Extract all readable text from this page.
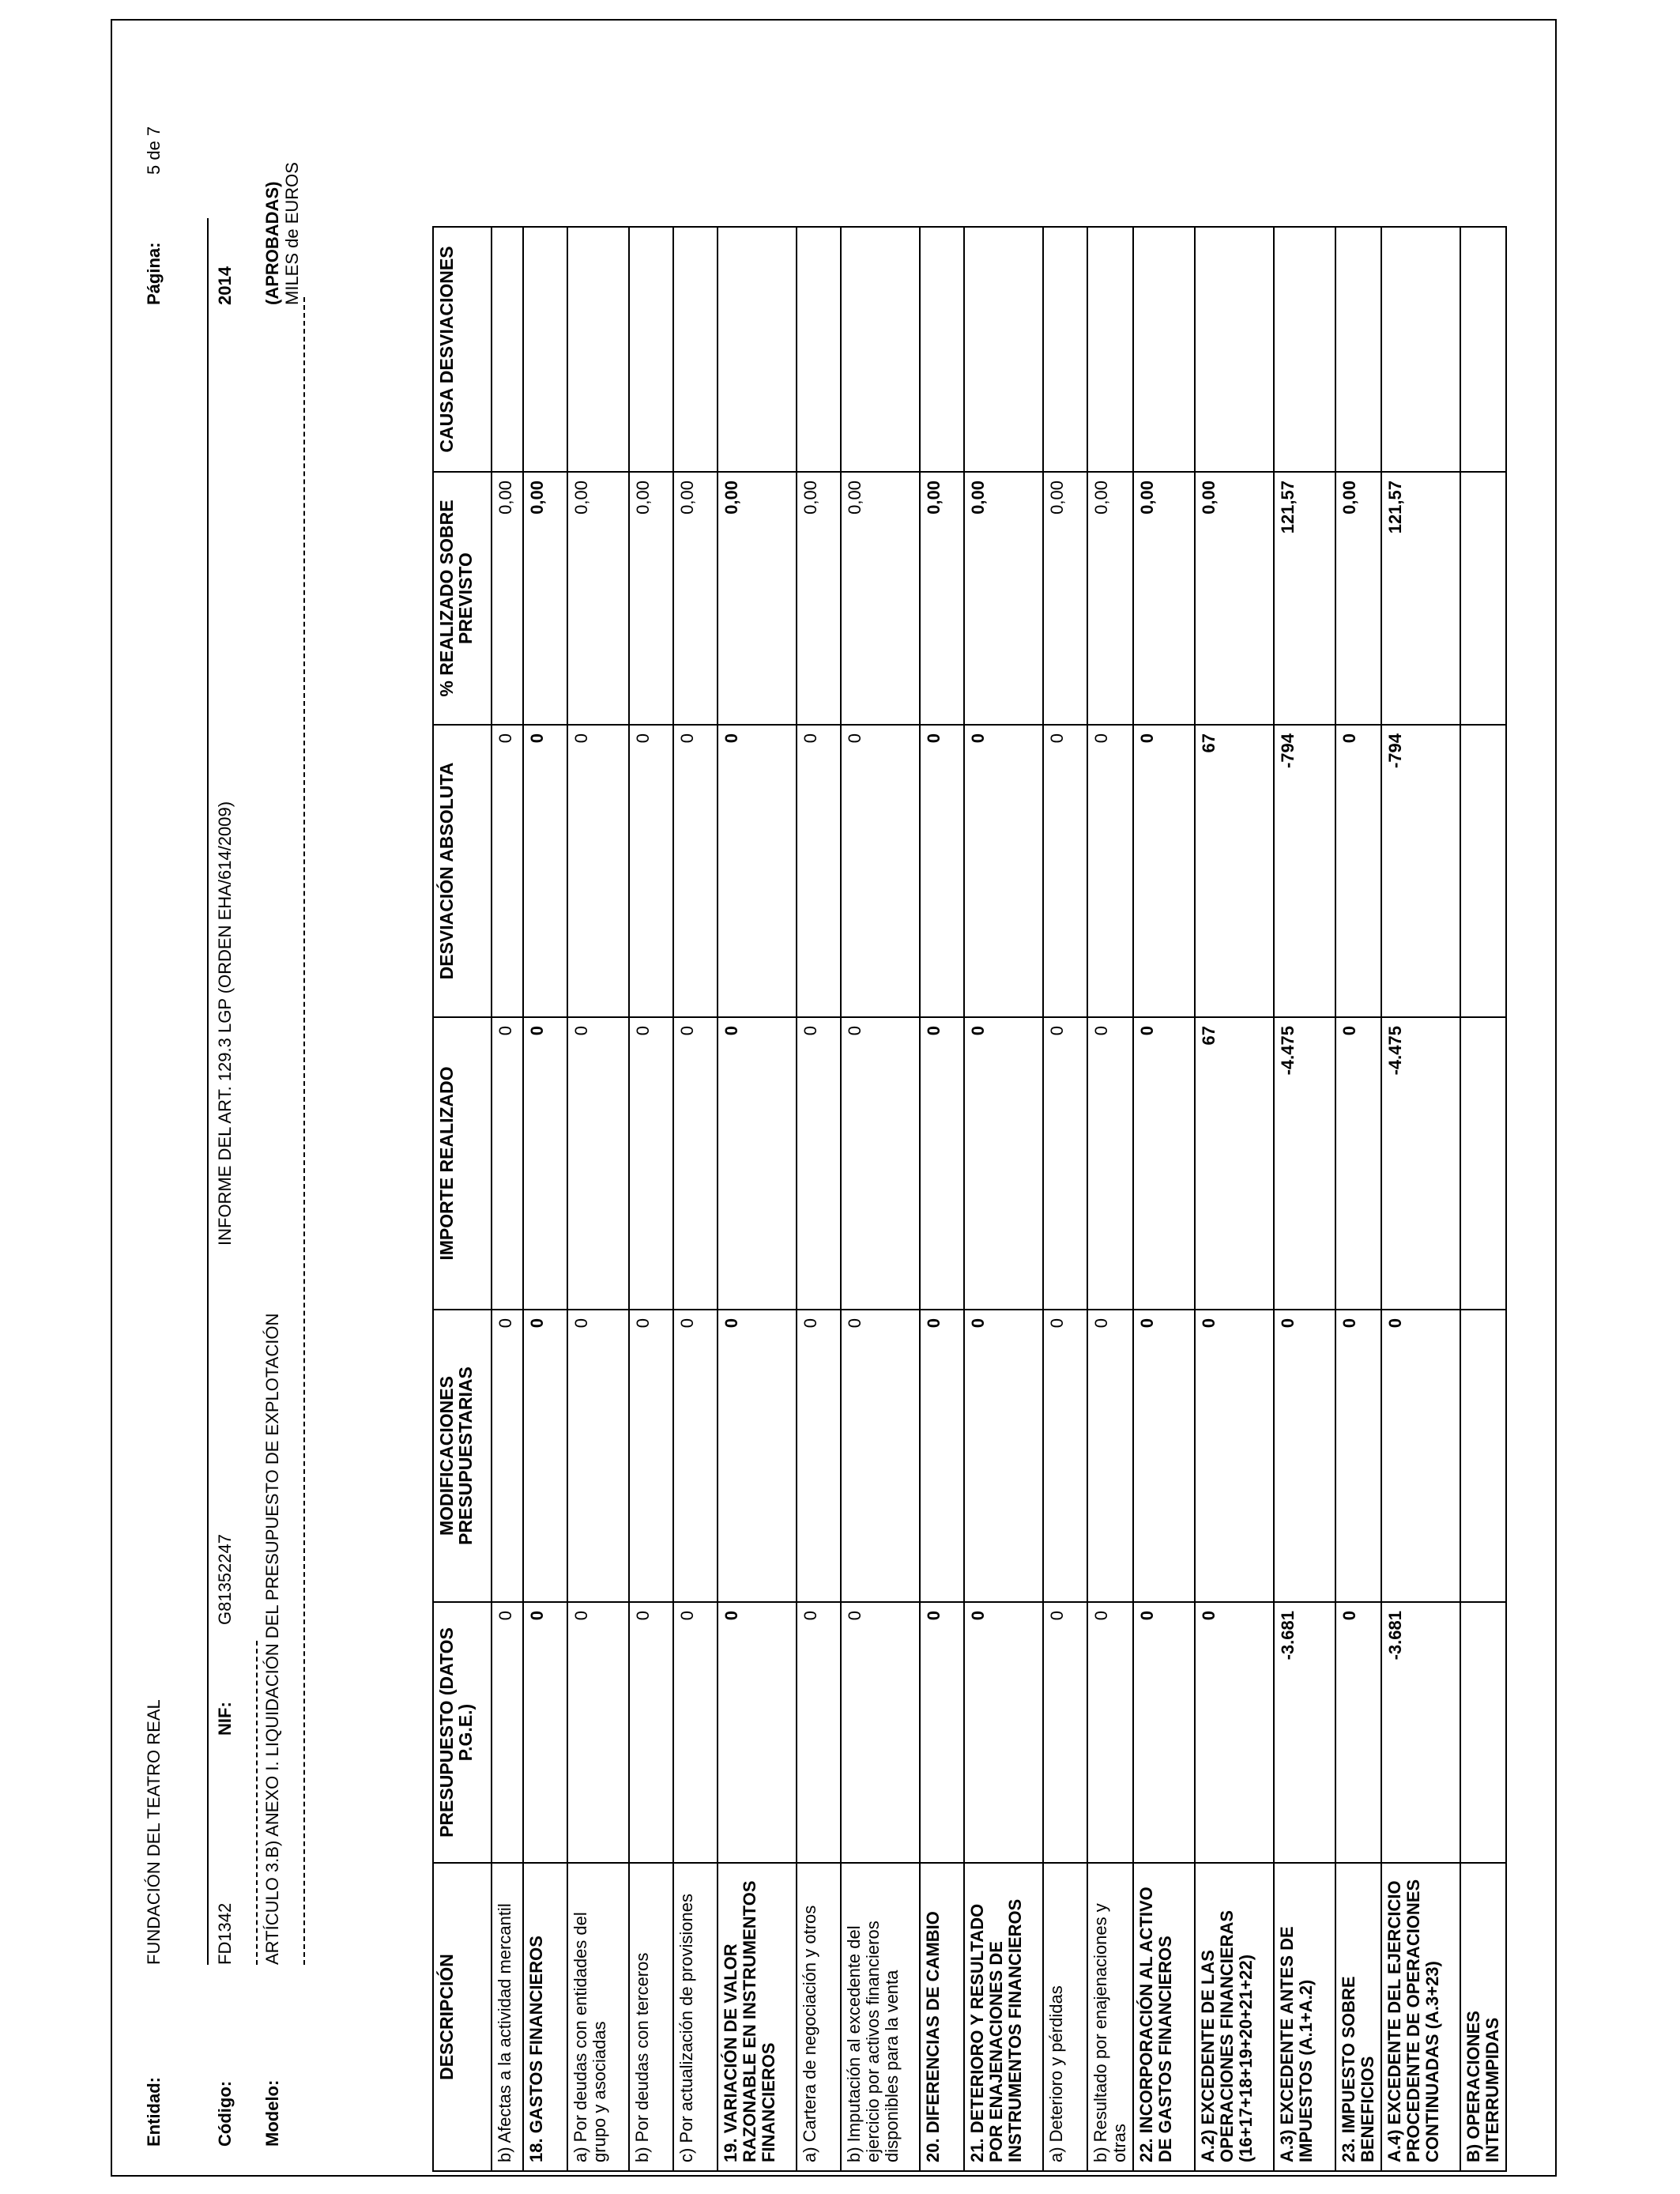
Entidad:
FUNDACIÓN DEL TEATRO REAL
Página:
5 de 7
Código:
FD1342
NIF:
G81352247
INFORME DEL ART. 129.3 LGP (ORDEN EHA/614/2009)
2014
Modelo:
ARTÍCULO 3.B) ANEXO I. LIQUIDACIÓN DEL PRESUPUESTO DE EXPLOTACIÓN
(APROBADAS) MILES de EUROS
DESCRIPCIÓN	PRESUPUESTO (DATOS P.G.E.)	MODIFICACIONES PRESUPUESTARIAS	IMPORTE REALIZADO	DESVIACIÓN ABSOLUTA	% REALIZADO SOBRE PREVISTO	CAUSA DESVIACIONES
b) Afectas a la actividad mercantil	0	0	0	0	0,00	
18. GASTOS FINANCIEROS	0	0	0	0	0,00	
a) Por deudas con entidades del grupo y asociadas	0	0	0	0	0,00	
b) Por deudas con terceros	0	0	0	0	0,00	
c) Por actualización de provisiones	0	0	0	0	0,00	
19. VARIACIÓN DE VALOR RAZONABLE EN INSTRUMENTOS FINANCIEROS	0	0	0	0	0,00	
a) Cartera de negociación y otros	0	0	0	0	0,00	
b) Imputación al excedente del ejercicio por activos financieros disponibles para la venta	0	0	0	0	0,00	
20. DIFERENCIAS DE CAMBIO	0	0	0	0	0,00	
21. DETERIORO Y RESULTADO POR ENAJENACIONES DE INSTRUMENTOS FINANCIEROS	0	0	0	0	0,00	
a) Deterioro y pérdidas	0	0	0	0	0,00	
b) Resultado por enajenaciones y otras	0	0	0	0	0,00	
22. INCORPORACIÓN AL ACTIVO DE GASTOS FINANCIEROS	0	0	0	0	0,00	
A.2) EXCEDENTE DE LAS OPERACIONES FINANCIERAS (16+17+18+19+20+21+22)	0	0	67	67	0,00	
A.3) EXCEDENTE ANTES DE IMPUESTOS (A.1+A.2)	-3.681	0	-4.475	-794	121,57	
23. IMPUESTO SOBRE BENEFICIOS	0	0	0	0	0,00	
A.4) EXCEDENTE DEL EJERCICIO PROCEDENTE DE OPERACIONES CONTINUADAS (A.3+23)	-3.681	0	-4.475	-794	121,57	
B) OPERACIONES INTERRUMPIDAS						
